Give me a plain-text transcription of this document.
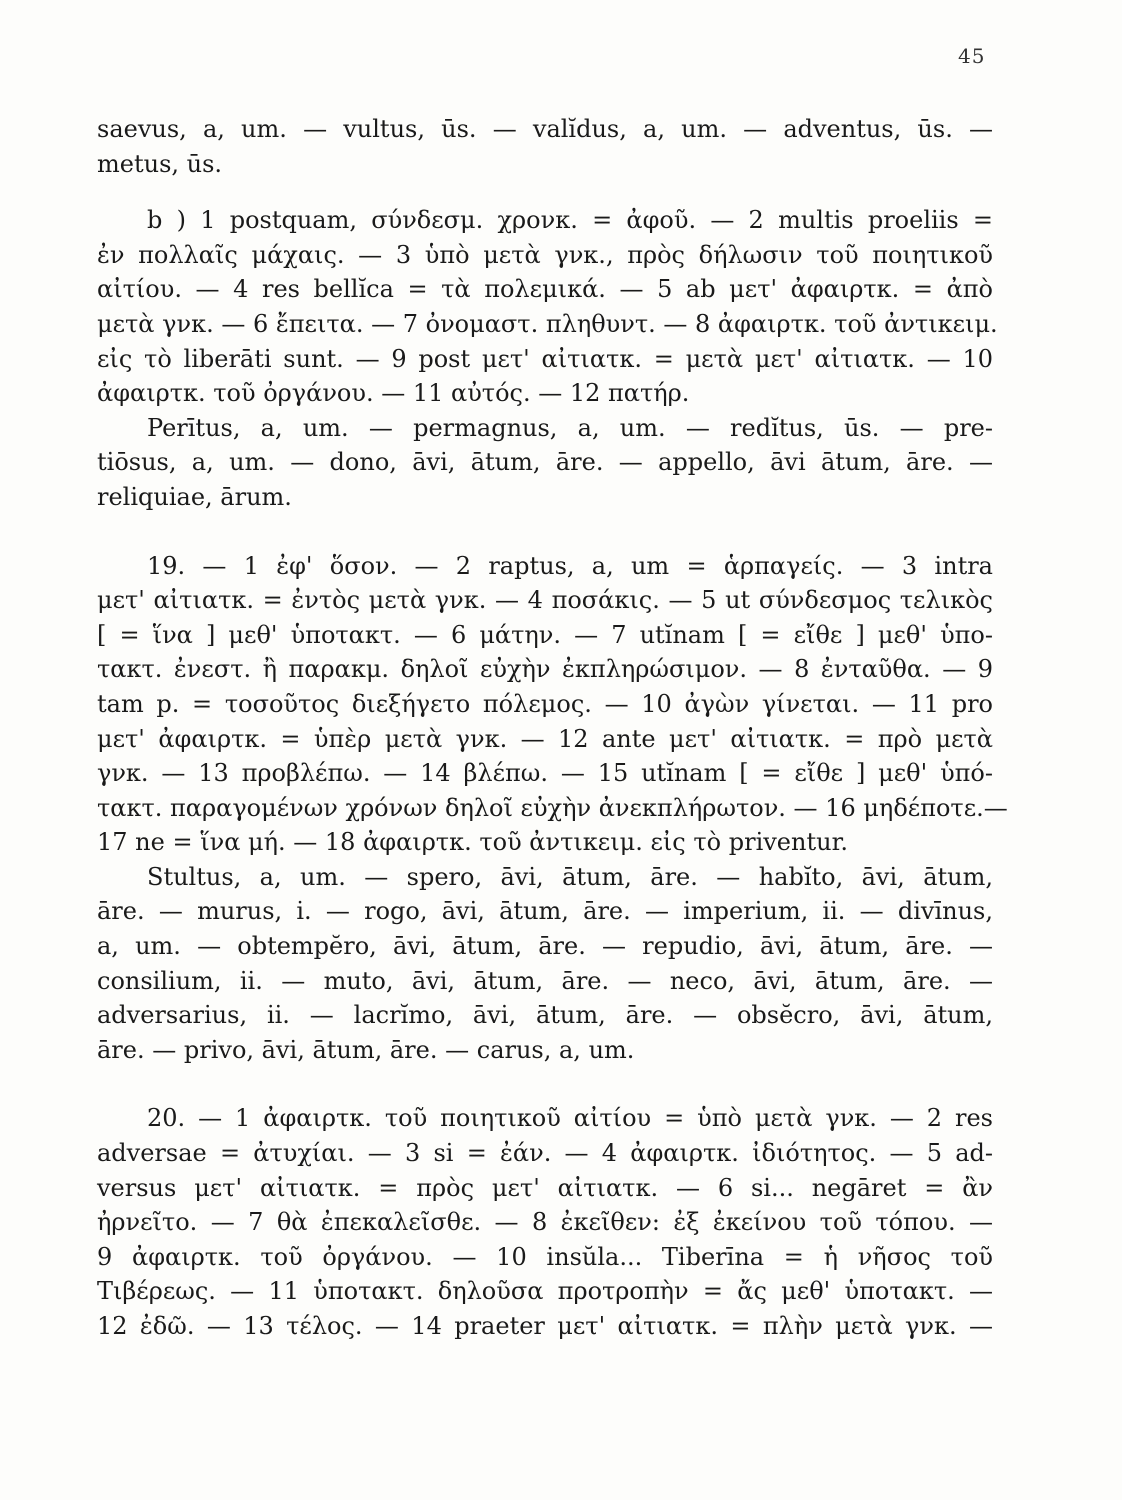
45
saevus, a, um. — vultus, ūs. — valĭdus, a, um. — adventus, ūs. —
metus, ūs.
b ) 1 postquam, σύνδεσμ. χρονκ. = ἀφοῦ. — 2 multis proeliis =
ἐν πολλαῖς μάχαις. — 3 ὑπὸ μετὰ γνκ., πρὸς δήλωσιν τοῦ ποιητικοῦ
αἰτίου. — 4 res bellĭca = τὰ πολεμικά. — 5 ab μετ' ἀφαιρτκ. = ἀπὸ
μετὰ γνκ. — 6 ἔπειτα. — 7 ὀνομαστ. πληθυντ. — 8 ἀφαιρτκ. τοῦ ἀντικειμ.
εἰς τὸ liberāti sunt. — 9 post μετ' αἰτιατκ. = μετὰ μετ' αἰτιατκ. — 10
ἀφαιρτκ. τοῦ ὀργάνου. — 11 αὐτός. — 12 πατήρ.
Perītus, a, um. — permagnus, a, um. — redĭtus, ūs. — pre-
tiōsus, a, um. — dono, āvi, ātum, āre. — appello, āvi ātum, āre. —
reliquiae, ārum.
19. — 1 ἐφ' ὅσον. — 2 raptus, a, um = ἁρπαγείς. — 3 intra
μετ' αἰτιατκ. = ἐντὸς μετὰ γνκ. — 4 ποσάκις. — 5 ut σύνδεσμος τελικὸς
[ = ἵνα ] μεθ' ὑποτακτ. — 6 μάτην. — 7 utĭnam [ = εἴθε ] μεθ' ὑπο-
τακτ. ἐνεστ. ἢ παρακμ. δηλοῖ εὐχὴν ἐκπληρώσιμον. — 8 ἐνταῦθα. — 9
tam p. = τοσοῦτος διεξήγετο πόλεμος. — 10 ἀγὼν γίνεται. — 11 pro
μετ' ἀφαιρτκ. = ὑπὲρ μετὰ γνκ. — 12 ante μετ' αἰτιατκ. = πρὸ μετὰ
γνκ. — 13 προβλέπω. — 14 βλέπω. — 15 utĭnam [ = εἴθε ] μεθ' ὑπό-
τακτ. παραγομένων χρόνων δηλοῖ εὐχὴν ἀνεκπλήρωτον. — 16 μηδέποτε.—
17 ne = ἵνα μή. — 18 ἀφαιρτκ. τοῦ ἀντικειμ. εἰς τὸ priventur.
Stultus, a, um. — spero, āvi, ātum, āre. — habĭto, āvi, ātum,
āre. — murus, i. — rogo, āvi, ātum, āre. — imperium, ii. — divīnus,
a, um. — obtempĕro, āvi, ātum, āre. — repudio, āvi, ātum, āre. —
consilium, ii. — muto, āvi, ātum, āre. — neco, āvi, ātum, āre. —
adversarius, ii. — lacrĭmo, āvi, ātum, āre. — obsĕcro, āvi, ātum,
āre. — privo, āvi, ātum, āre. — carus, a, um.
20. — 1 ἀφαιρτκ. τοῦ ποιητικοῦ αἰτίου = ὑπὸ μετὰ γνκ. — 2 res
adversae = ἀτυχίαι. — 3 si = ἐάν. — 4 ἀφαιρτκ. ἰδιότητος. — 5 ad-
versus μετ' αἰτιατκ. = πρὸς μετ' αἰτιατκ. — 6 si... negāret = ἂν
ἠρνεῖτο. — 7 θὰ ἐπεκαλεῖσθε. — 8 ἐκεῖθεν: ἐξ ἐκείνου τοῦ τόπου. —
9 ἀφαιρτκ. τοῦ ὀργάνου. — 10 insŭla... Tiberīna = ἡ νῆσος τοῦ
Τιβέρεως. — 11 ὑποτακτ. δηλοῦσα προτροπὴν = ἄς μεθ' ὑποτακτ. —
12 ἐδῶ. — 13 τέλος. — 14 praeter μετ' αἰτιατκ. = πλὴν μετὰ γνκ. —
